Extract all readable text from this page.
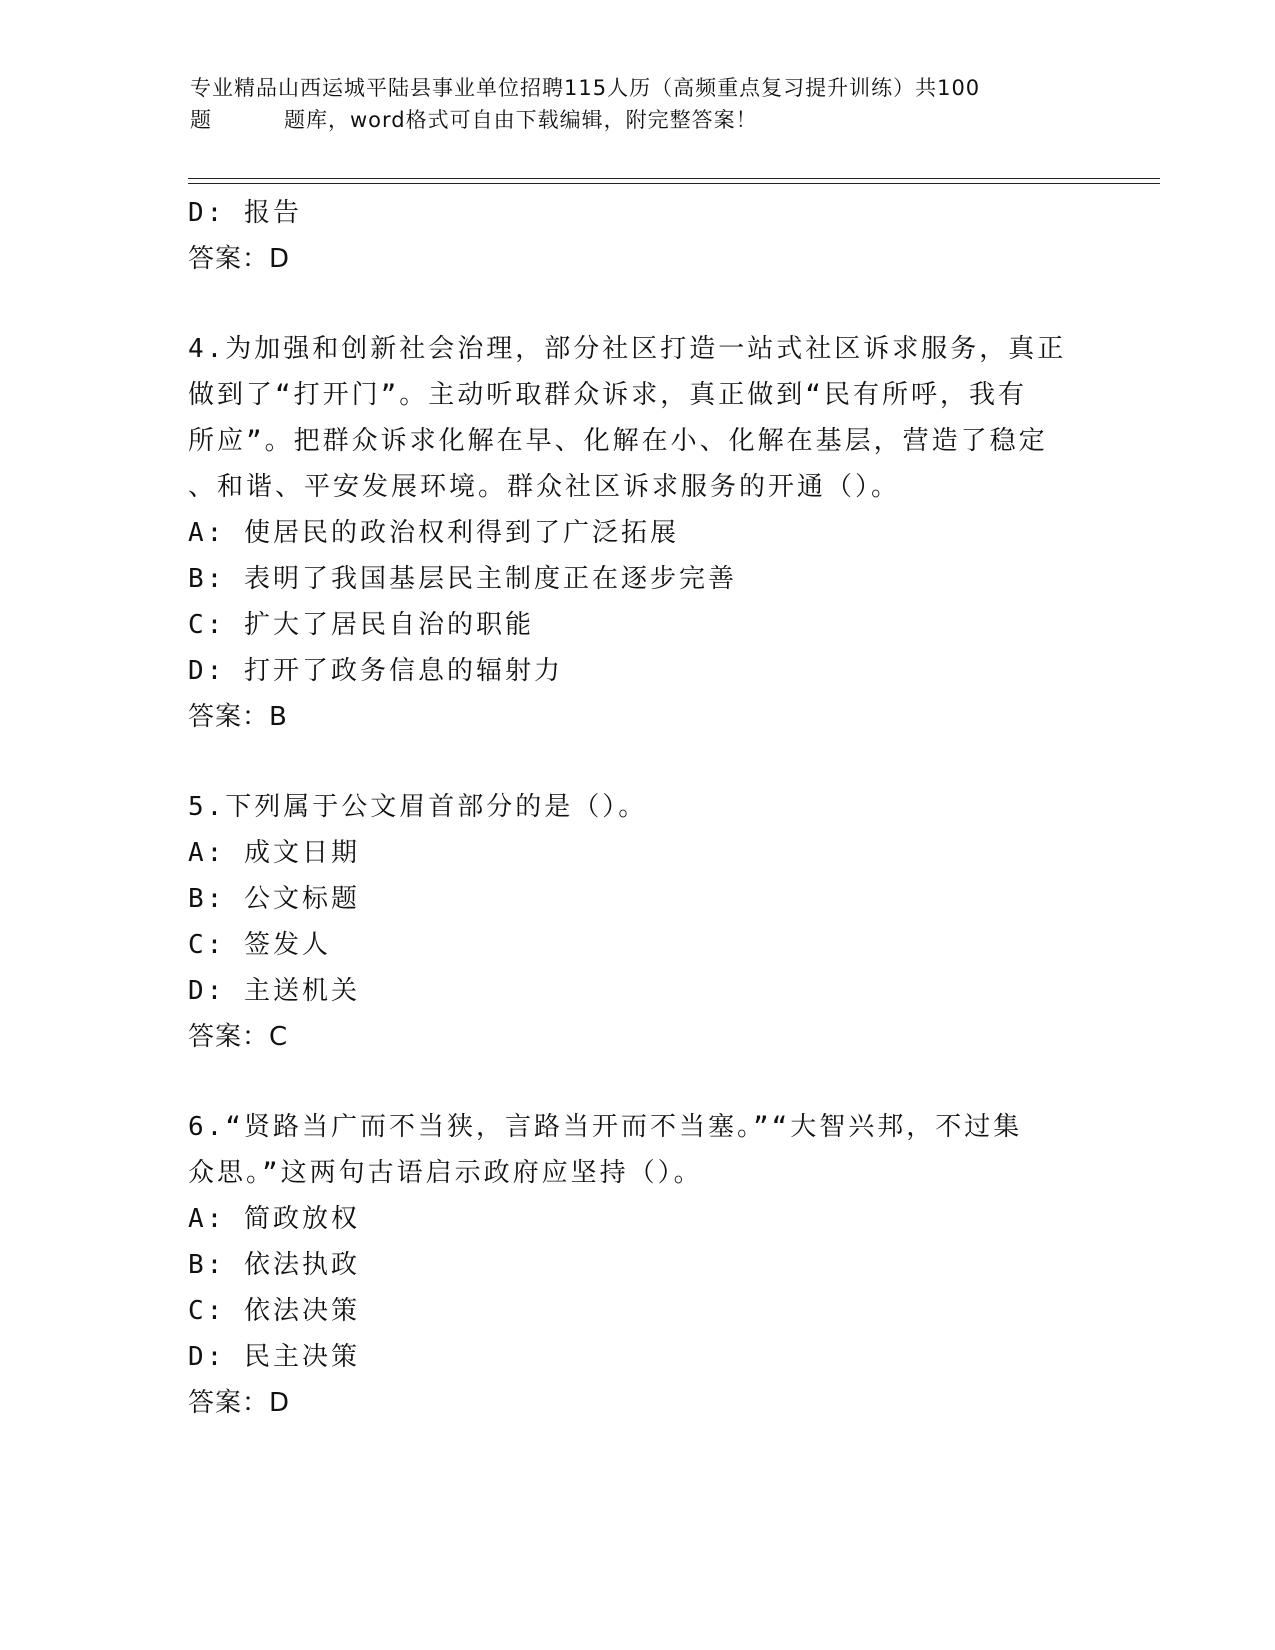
专业精品山西运城平陆县事业单位招聘115人历（高频重点复习提升训练）共100
题	题库，word格式可自由下载编辑，附完整答案！
D: 报告
答案：D
4.为加强和创新社会治理，部分社区打造一站式社区诉求服务，真正
做到了“打开门”。主动听取群众诉求，真正做到“民有所呼，我有
所应”。把群众诉求化解在早、化解在小、化解在基层，营造了稳定
、和谐、平安发展环境。群众社区诉求服务的开通（）。
A: 使居民的政治权利得到了广泛拓展
B: 表明了我国基层民主制度正在逐步完善
C: 扩大了居民自治的职能
D: 打开了政务信息的辐射力
答案：B
5.下列属于公文眉首部分的是（）。
A: 成文日期
B: 公文标题
C: 签发人
D: 主送机关
答案：C
6.“贤路当广而不当狭，言路当开而不当塞。”“大智兴邦，不过集
众思。”这两句古语启示政府应坚持（）。
A: 简政放权
B: 依法执政
C: 依法决策
D: 民主决策
答案：D
